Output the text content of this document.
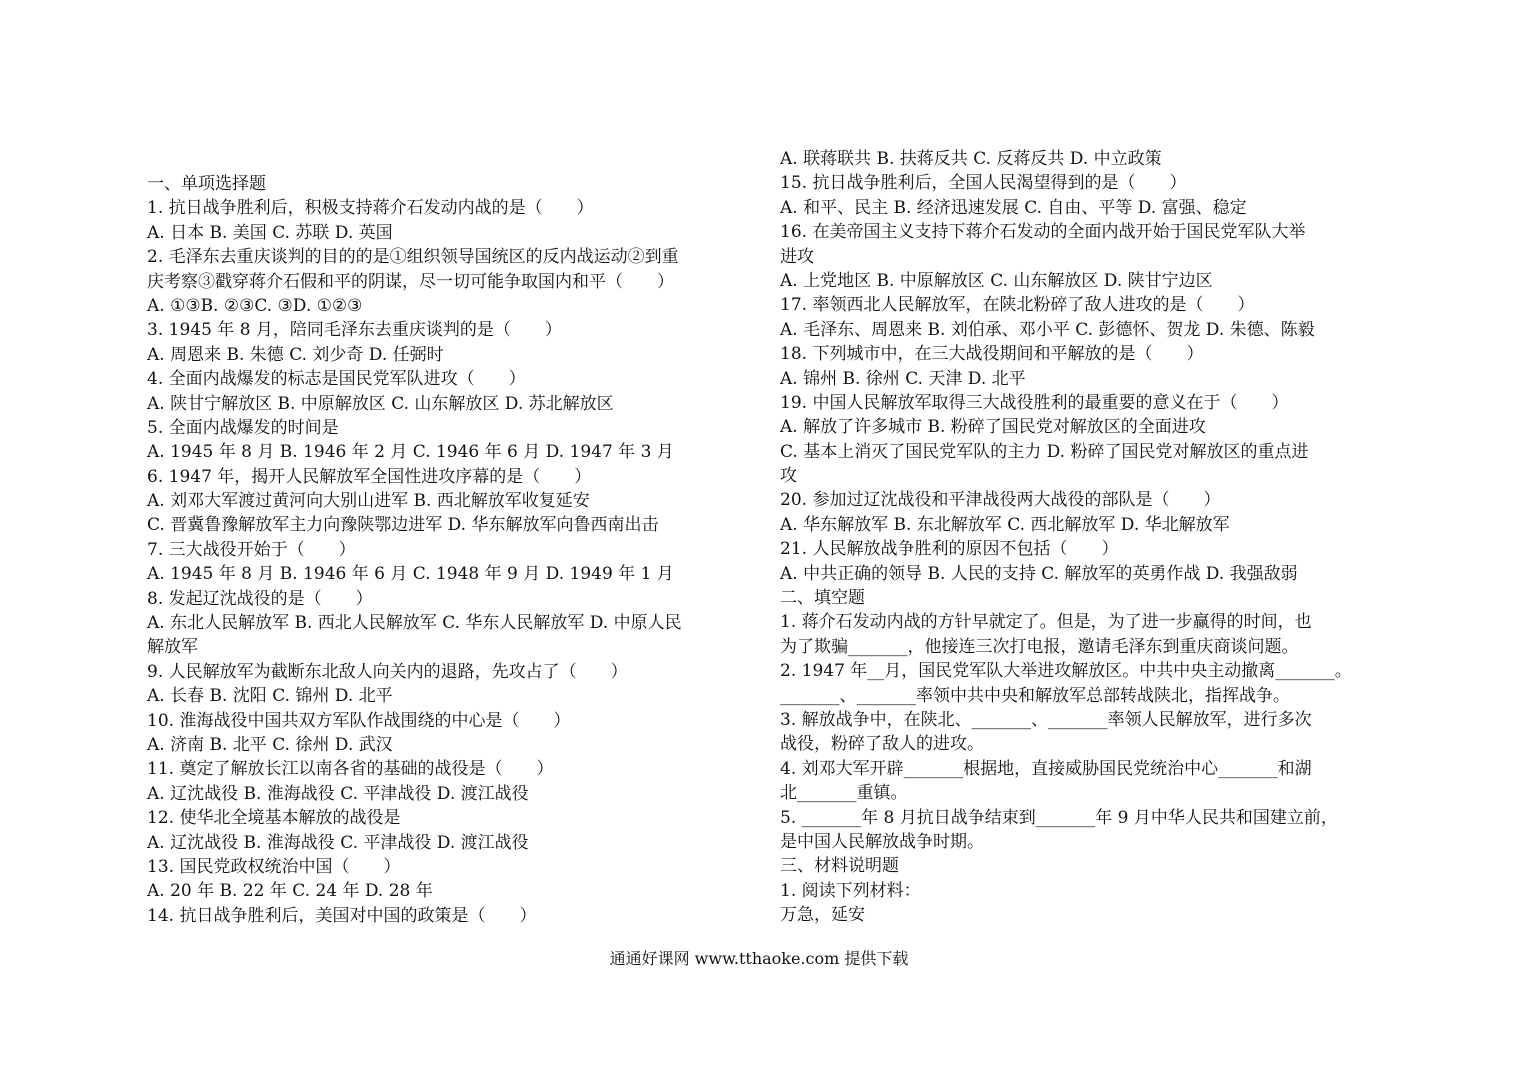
一、单项选择题
1. 抗日战争胜利后，积极支持蒋介石发动内战的是（　　）
A. 日本 B. 美国 C. 苏联 D. 英国
2. 毛泽东去重庆谈判的目的的是①组织领导国统区的反内战运动②到重
庆考察③戳穿蒋介石假和平的阴谋，尽一切可能争取国内和平（　　）
A. ①③B. ②③C. ③D. ①②③
3. 1945 年 8 月，陪同毛泽东去重庆谈判的是（　　）
A. 周恩来 B. 朱德 C. 刘少奇 D. 任弼时
4. 全面内战爆发的标志是国民党军队进攻（　　）
A. 陕甘宁解放区 B. 中原解放区 C. 山东解放区 D. 苏北解放区
5. 全面内战爆发的时间是
A. 1945 年 8 月 B. 1946 年 2 月 C. 1946 年 6 月 D. 1947 年 3 月
6. 1947 年，揭开人民解放军全国性进攻序幕的是（　　）
A. 刘邓大军渡过黄河向大别山进军 B. 西北解放军收复延安
C. 晋冀鲁豫解放军主力向豫陕鄂边进军 D. 华东解放军向鲁西南出击
7. 三大战役开始于（　　）
A. 1945 年 8 月 B. 1946 年 6 月 C. 1948 年 9 月 D. 1949 年 1 月
8. 发起辽沈战役的是（　　）
A. 东北人民解放军 B. 西北人民解放军 C. 华东人民解放军 D. 中原人民
解放军
9. 人民解放军为截断东北敌人向关内的退路，先攻占了（　　）
A. 长春 B. 沈阳 C. 锦州 D. 北平
10. 淮海战役中国共双方军队作战围绕的中心是（　　）
A. 济南 B. 北平 C. 徐州 D. 武汉
11. 奠定了解放长江以南各省的基础的战役是（　　）
A. 辽沈战役 B. 淮海战役 C. 平津战役 D. 渡江战役
12. 使华北全境基本解放的战役是
A. 辽沈战役 B. 淮海战役 C. 平津战役 D. 渡江战役
13. 国民党政权统治中国（　　）
A. 20 年 B. 22 年 C. 24 年 D. 28 年
14. 抗日战争胜利后，美国对中国的政策是（　　）
A. 联蒋联共 B. 扶蒋反共 C. 反蒋反共 D. 中立政策
15. 抗日战争胜利后，全国人民渴望得到的是（　　）
A. 和平、民主 B. 经济迅速发展 C. 自由、平等 D. 富强、稳定
16. 在美帝国主义支持下蒋介石发动的全面内战开始于国民党军队大举
进攻
A. 上党地区 B. 中原解放区 C. 山东解放区 D. 陕甘宁边区
17. 率领西北人民解放军，在陕北粉碎了敌人进攻的是（　　）
A. 毛泽东、周恩来 B. 刘伯承、邓小平 C. 彭德怀、贺龙 D. 朱德、陈毅
18. 下列城市中，在三大战役期间和平解放的是（　　）
A. 锦州 B. 徐州 C. 天津 D. 北平
19. 中国人民解放军取得三大战役胜利的最重要的意义在于（　　）
A. 解放了许多城市 B. 粉碎了国民党对解放区的全面进攻
C. 基本上消灭了国民党军队的主力 D. 粉碎了国民党对解放区的重点进
攻
20. 参加过辽沈战役和平津战役两大战役的部队是（　　）
A. 华东解放军 B. 东北解放军 C. 西北解放军 D. 华北解放军
21. 人民解放战争胜利的原因不包括（　　）
A. 中共正确的领导 B. 人民的支持 C. 解放军的英勇作战 D. 我强敌弱
二、填空题
1. 蒋介石发动内战的方针早就定了。但是，为了进一步赢得的时间，也
为了欺骗_______，他接连三次打电报，邀请毛泽东到重庆商谈问题。
2. 1947 年__月，国民党军队大举进攻解放区。中共中央主动撤离_______。
_______、_______率领中共中央和解放军总部转战陕北，指挥战争。
3. 解放战争中，在陕北、_______、_______率领人民解放军，进行多次
战役，粉碎了敌人的进攻。
4. 刘邓大军开辟_______根据地，直接威胁国民党统治中心_______和湖
北_______重镇。
5. _______年 8 月抗日战争结束到_______年 9 月中华人民共和国建立前，
是中国人民解放战争时期。
三、材料说明题
1. 阅读下列材料：
万急，延安
通通好课网 www.tthaoke.com 提供下载
